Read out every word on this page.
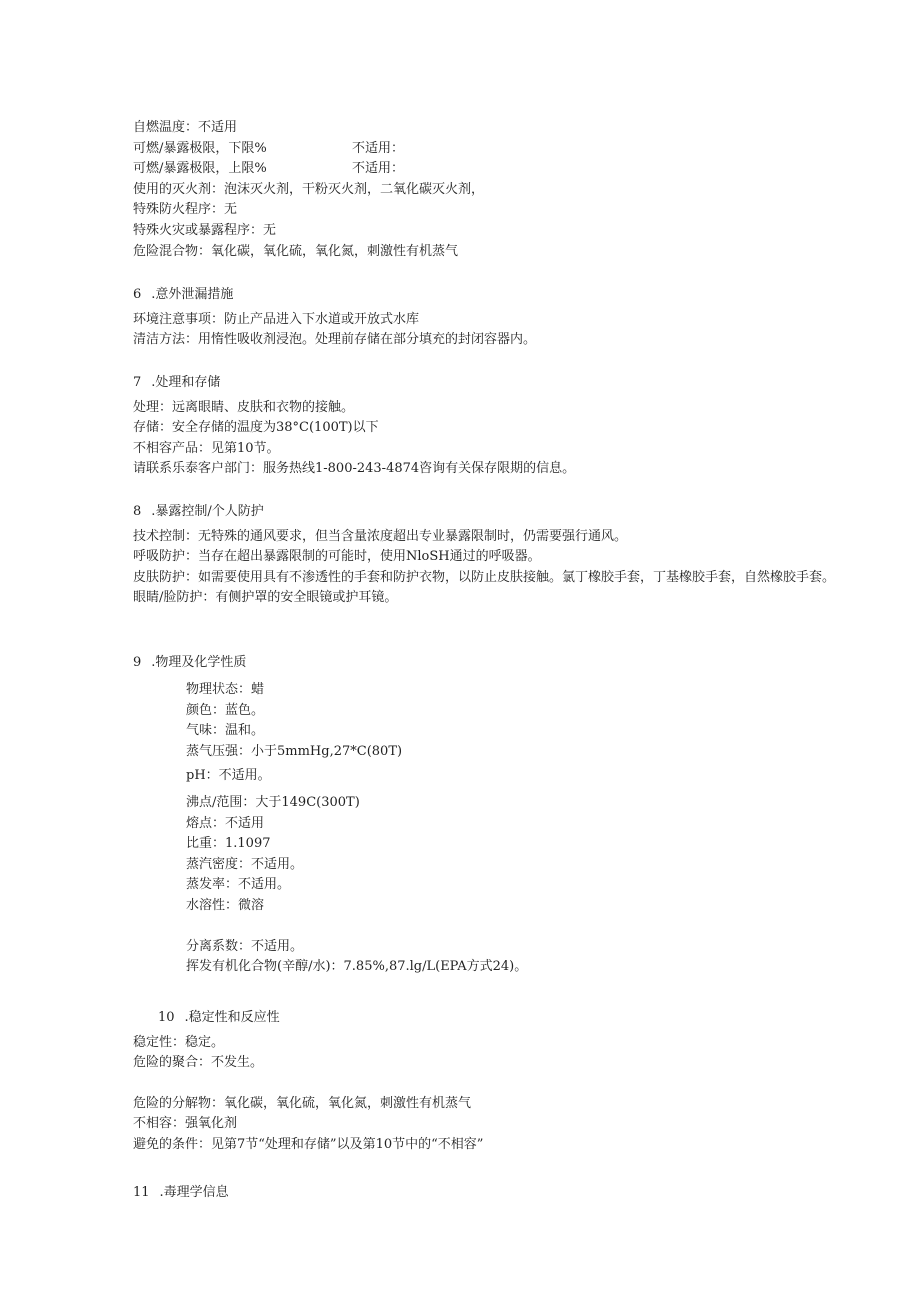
自燃温度：不适用
可燃/暴露极限，下限%	不适用：
可燃/暴露极限，上限%	不适用：
使用的灭火剂：泡沫灭火剂，干粉灭火剂，二氧化碳灭火剂，
特殊防火程序：无
特殊火灾或暴露程序：无
危险混合物：氧化碳，氧化硫，氧化氮，刺激性有机蒸气
6 .意外泄漏措施
环境注意事项：防止产品进入下水道或开放式水库
清洁方法：用惰性吸收剂浸泡。处理前存储在部分填充的封闭容器内。
7 .处理和存储
处理：远离眼睛、皮肤和衣物的接触。
存储：安全存储的温度为38°C(100T)以下
不相容产品：见第10节。
请联系乐泰客户部门：服务热线1-800-243-4874咨询有关保存限期的信息。
8 .暴露控制/个人防护
技术控制：无特殊的通风要求，但当含量浓度超出专业暴露限制时，仍需要强行通风。
呼吸防护：当存在超出暴露限制的可能时，使用NloSH通过的呼吸器。
皮肤防护：如需要使用具有不渗透性的手套和防护衣物，以防止皮肤接触。氯丁橡胶手套，丁基橡胶手套，自然橡胶手套。
眼睛/脸防护：有侧护罩的安全眼镜或护耳镜。
9 .物理及化学性质
物理状态：蜡
颜色：蓝色。
气味：温和。
蒸气压强：小于5mmHg,27*C(80T)
pH：不适用。
沸点/范围：大于149C(300T)
熔点：不适用
比重：1.1097
蒸汽密度：不适用。
蒸发率：不适用。
水溶性：微溶
分离系数：不适用。
挥发有机化合物(辛醇/水)：7.85%,87.lg∕L(EPA方式24)。
10 .稳定性和反应性
稳定性：稳定。
危险的聚合：不发生。
危险的分解物：氧化碳，氧化硫，氧化氮，刺激性有机蒸气
不相容：强氧化剂
避免的条件：见第7节“处理和存储”以及第10节中的“不相容”
11 .毒理学信息
